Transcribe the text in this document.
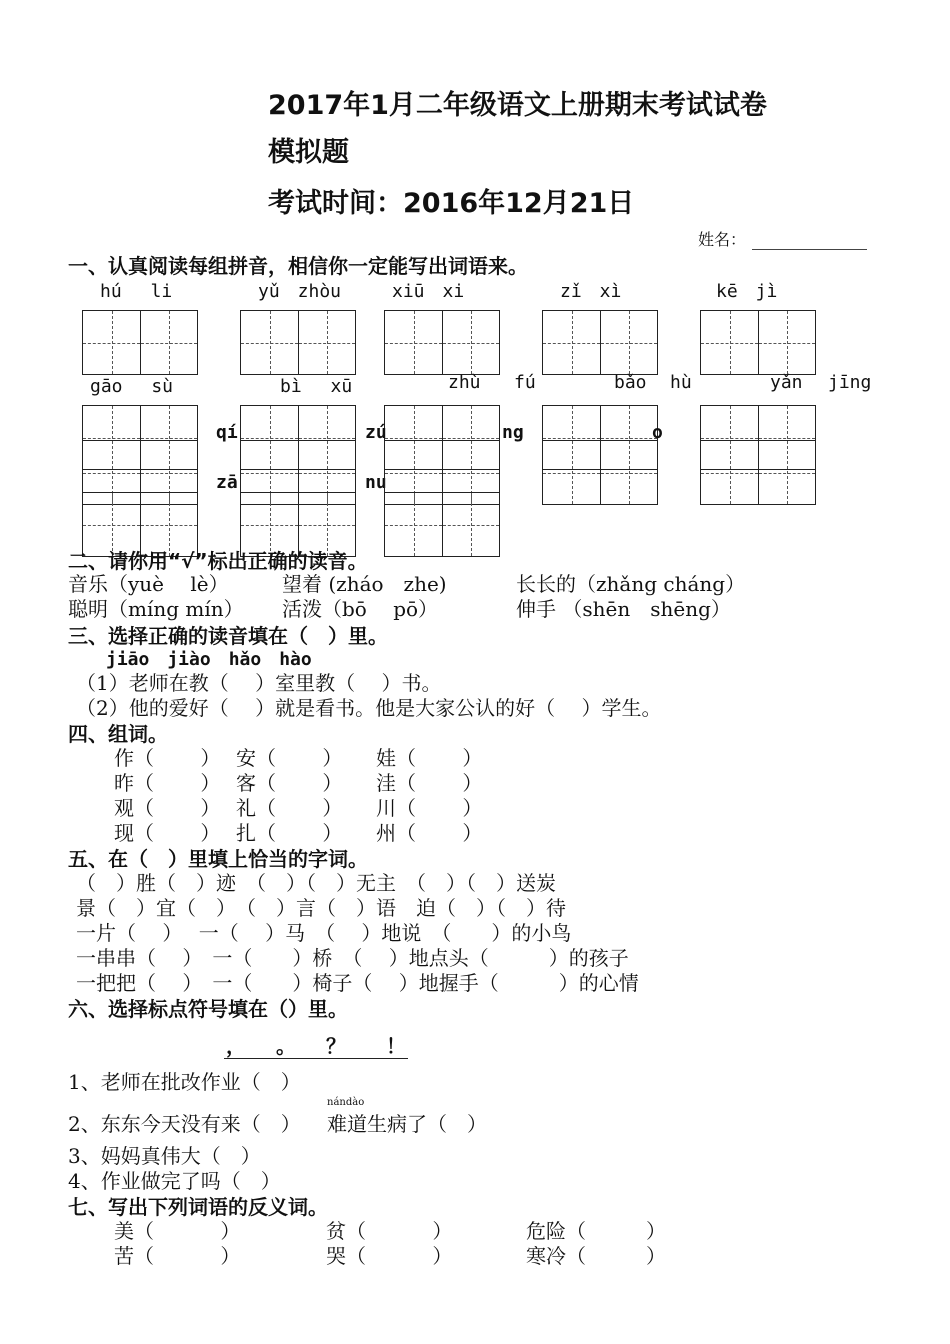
2017年1月二年级语文上册期末考试试卷
模拟题
考试时间：2016年12月21日
姓名：
一、认真阅读每组拼音，相信你一定能写出词语来。
hú　 li	yǔ　zhòu	xiū　xi	zǐ　xì	kē　jì
gāo　 sù	bì　 xū	zhù fú	bǎo hù	yǎn jīng
qí	zú	ng
zā	nu
o
二、请你用“√”标出正确的读音。
音乐（yuè　 lè）	望着 (zháo　zhe)	长长的（zhǎng cháng）
聪明（míng mín） 活泼（bō　 pō）	伸手 （shēn　shēng）
三、选择正确的读音填在（　）里。
jiāo　jiào　hǎo　hào
（1）老师在教（　 ）室里教（　 ）书。
（2）他的爱好（　 ）就是看书。他是大家公认的好（　 ）学生。
四、组词。
作（　　 ） 安（　　 ） 娃（　　 ）
昨（　　 ） 客（　　 ） 洼（　　 ）
观（　　 ） 礼（　　 ） 川（　　 ）
现（　　 ） 扎（　　 ） 州（　　 ）
五、在（　）里填上恰当的字词。
（　）胜（　）迹　（　）（　）无主　（　）（　）送炭
景（　）宜（　）　（　）言（　）语　迫（　）（　）待
一片（　 ）　 一（　 ）马　（　 ）地说　（　　）的小鸟
一串串（　 ）　一（　　）桥　（　 ）地点头（　　　）的孩子
一把把（　 ）　一（　　）椅子（　 ）地握手（　　　）的心情
六、选择标点符号填在（）里。
，　　。　　？　　！
1、老师在批改作业（　）
2、东东今天没有来（　）
nándào
难道生病了（　）
3、妈妈真伟大（　）
4、作业做完了吗（　）
七、写出下列词语的反义词。
美（　　　 ）	贫（　　　 ）	危险（　　　）
苦（　　　 ）	哭（　　　 ）	寒冷（　　　）
